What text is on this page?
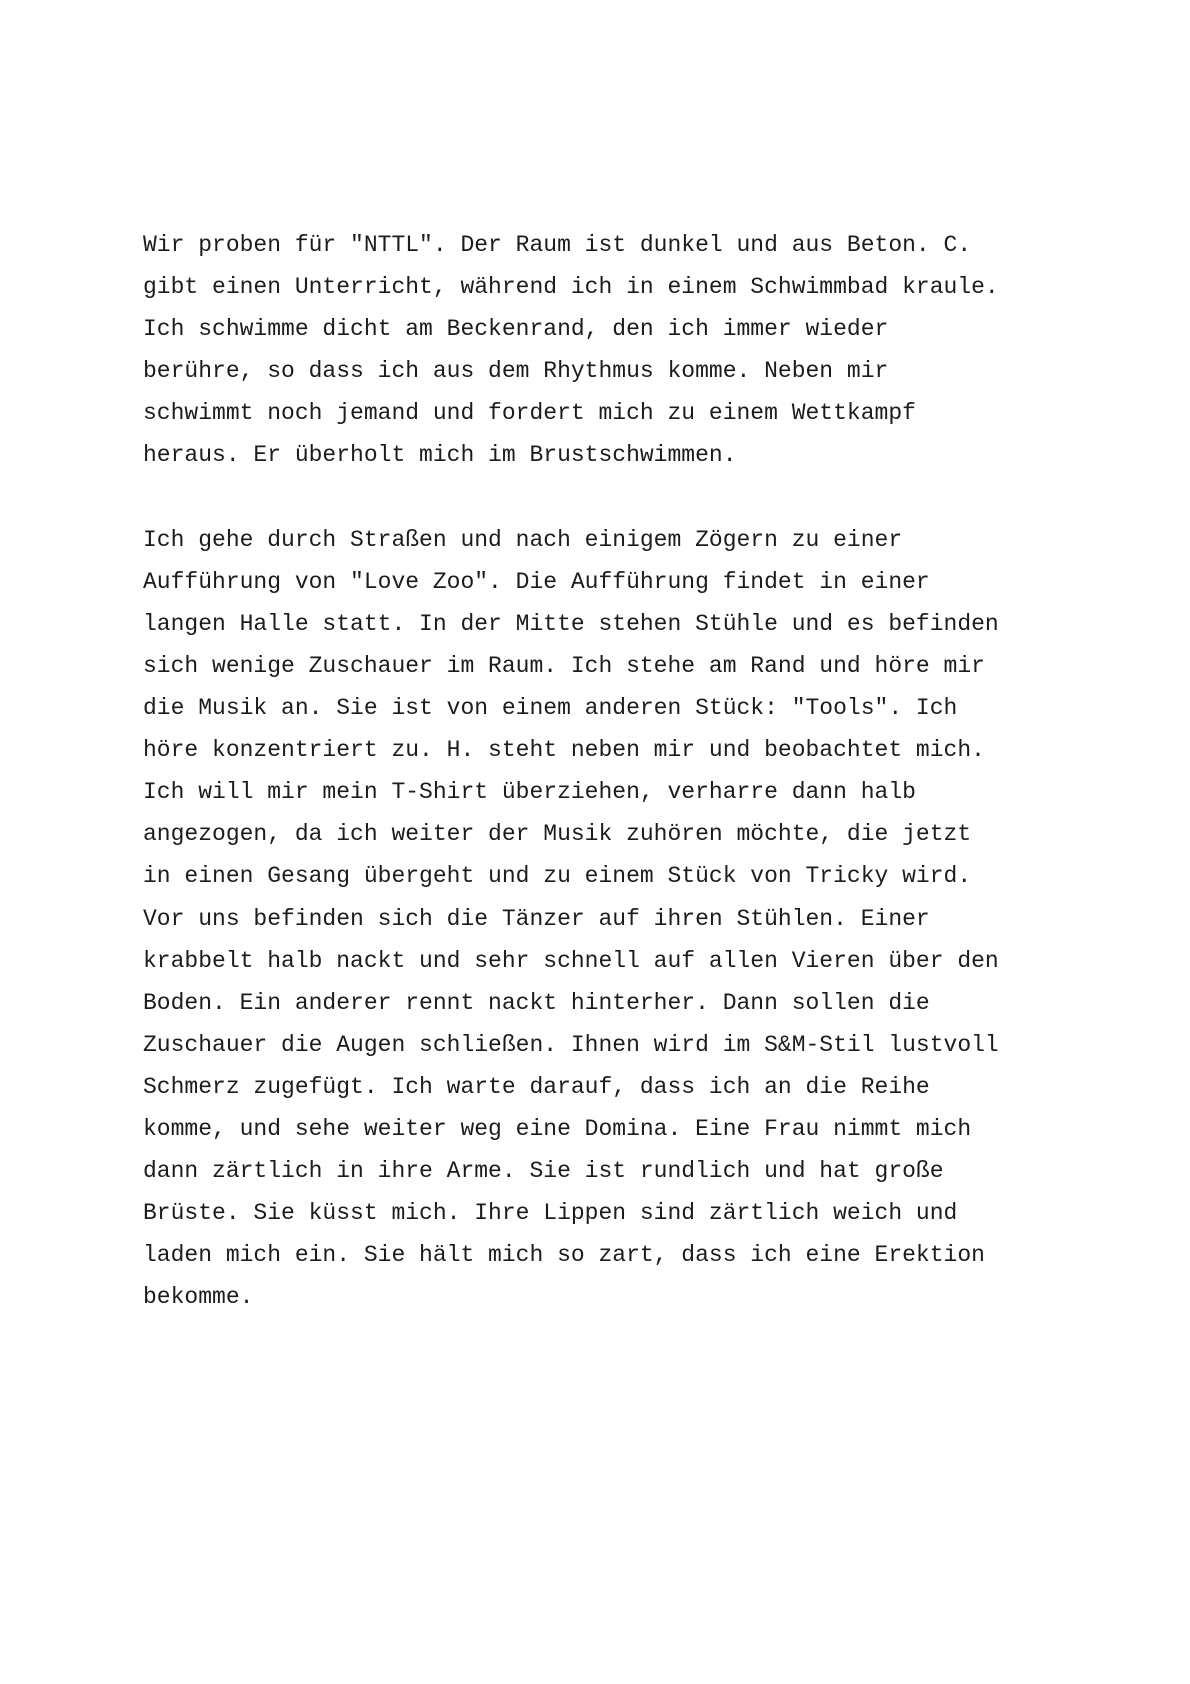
Wir proben für "NTTL". Der Raum ist dunkel und aus Beton. C.
gibt einen Unterricht, während ich in einem Schwimmbad kraule.
Ich schwimme dicht am Beckenrand, den ich immer wieder
berühre, so dass ich aus dem Rhythmus komme. Neben mir
schwimmt noch jemand und fordert mich zu einem Wettkampf
heraus. Er überholt mich im Brustschwimmen.
Ich gehe durch Straßen und nach einigem Zögern zu einer
Aufführung von "Love Zoo". Die Aufführung findet in einer
langen Halle statt. In der Mitte stehen Stühle und es befinden
sich wenige Zuschauer im Raum. Ich stehe am Rand und höre mir
die Musik an. Sie ist von einem anderen Stück: "Tools". Ich
höre konzentriert zu. H. steht neben mir und beobachtet mich.
Ich will mir mein T-Shirt überziehen, verharre dann halb
angezogen, da ich weiter der Musik zuhören möchte, die jetzt
in einen Gesang übergeht und zu einem Stück von Tricky wird.
Vor uns befinden sich die Tänzer auf ihren Stühlen. Einer
krabbelt halb nackt und sehr schnell auf allen Vieren über den
Boden. Ein anderer rennt nackt hinterher. Dann sollen die
Zuschauer die Augen schließen. Ihnen wird im S&M-Stil lustvoll
Schmerz zugefügt. Ich warte darauf, dass ich an die Reihe
komme, und sehe weiter weg eine Domina. Eine Frau nimmt mich
dann zärtlich in ihre Arme. Sie ist rundlich und hat große
Brüste. Sie küsst mich. Ihre Lippen sind zärtlich weich und
laden mich ein. Sie hält mich so zart, dass ich eine Erektion
bekomme.
